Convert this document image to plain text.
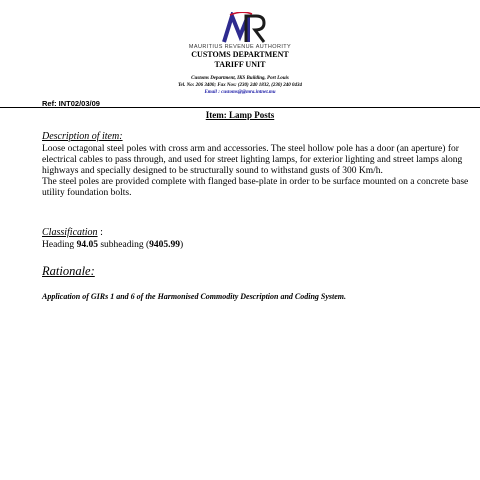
MAURITIUS REVENUE AUTHORITY
CUSTOMS DEPARTMENT
TARIFF UNIT
Customs Department, IKS Building, Port Louis
Tel. No: 206 3400; Fax Nos: (230) 240 1832, (230) 240 0434
Email : customs@@mra.intnet.mu
Ref: INT02/03/09
Item: Lamp Posts
Description of item:

Loose octagonal steel poles with cross arm and accessories. The steel hollow pole has a door (an aperture) for electrical cables to pass through, and used for street lighting lamps, for exterior lighting and street lamps along highways and specially designed to be structurally sound to withstand gusts of 300 Km/h.

The steel poles are provided complete with flanged base-plate in order to be surface mounted on a concrete base utility foundation bolts.

Classification :
Heading 94.05 subheading (9405.99)
Rationale:
Application of GIRs 1 and 6 of the Harmonised Commodity Description and Coding System.
